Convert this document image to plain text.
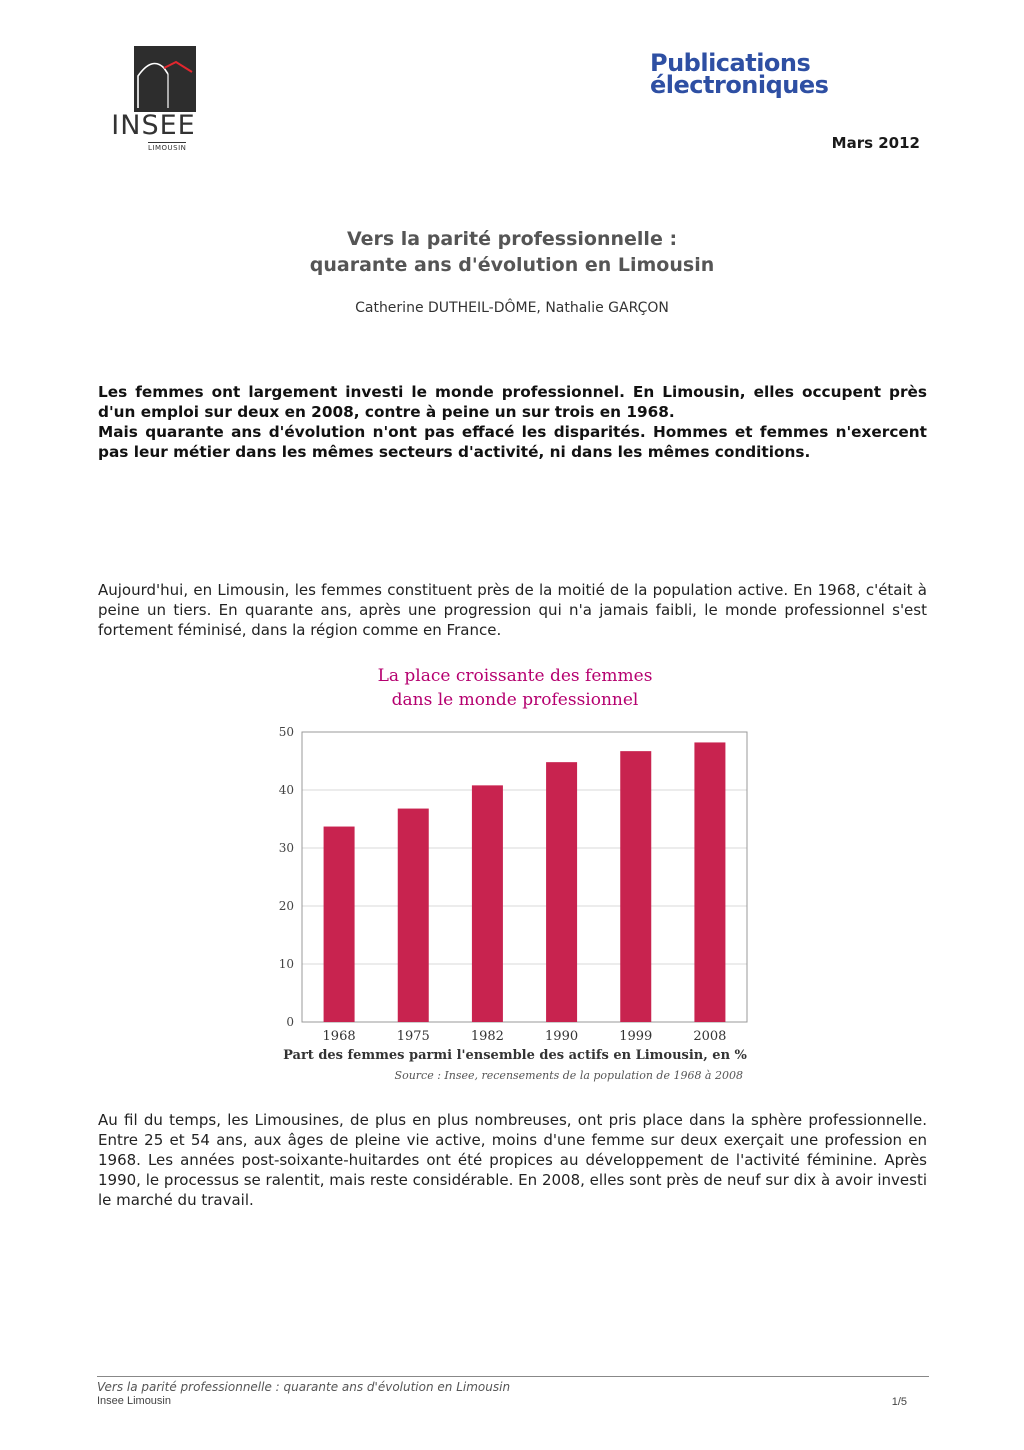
INSEE
LIMOUSIN
Publications
électroniques
Mars 2012
Vers la parité professionnelle :
quarante ans d'évolution en Limousin
Catherine DUTHEIL-DÔME, Nathalie GARÇON

Les femmes ont largement investi le monde professionnel. En Limousin, elles occupent près d'un emploi sur deux en 2008, contre à peine un sur trois en 1968.

Mais quarante ans d'évolution n'ont pas effacé les disparités. Hommes et femmes n'exercent pas leur métier dans les mêmes secteurs d'activité, ni dans les mêmes conditions.

Aujourd'hui, en Limousin, les femmes constituent près de la moitié de la population active. En 1968, c'était à peine un tiers. En quarante ans, après une progression qui n'a jamais faibli, le monde professionnel s'est fortement féminisé, dans la région comme en France.

La place croissante des femmes
dans le monde professionnel
0
10
20
30
40
50
1968	1975	1982	1990	1999	2008
Part des femmes parmi l'ensemble des actifs en Limousin, en %
Source : Insee, recensements de la population de 1968 à 2008

Au fil du temps, les Limousines, de plus en plus nombreuses, ont pris place dans la sphère professionnelle. Entre 25 et 54 ans, aux âges de pleine vie active, moins d'une femme sur deux exerçait une profession en 1968. Les années post-soixante-huitardes ont été propices au développement de l'activité féminine. Après 1990, le processus se ralentit, mais reste considérable. En 2008, elles sont près de neuf sur dix à avoir investi le marché du travail.

Vers la parité professionnelle : quarante ans d'évolution en Limousin
Insee Limousin	1/5
